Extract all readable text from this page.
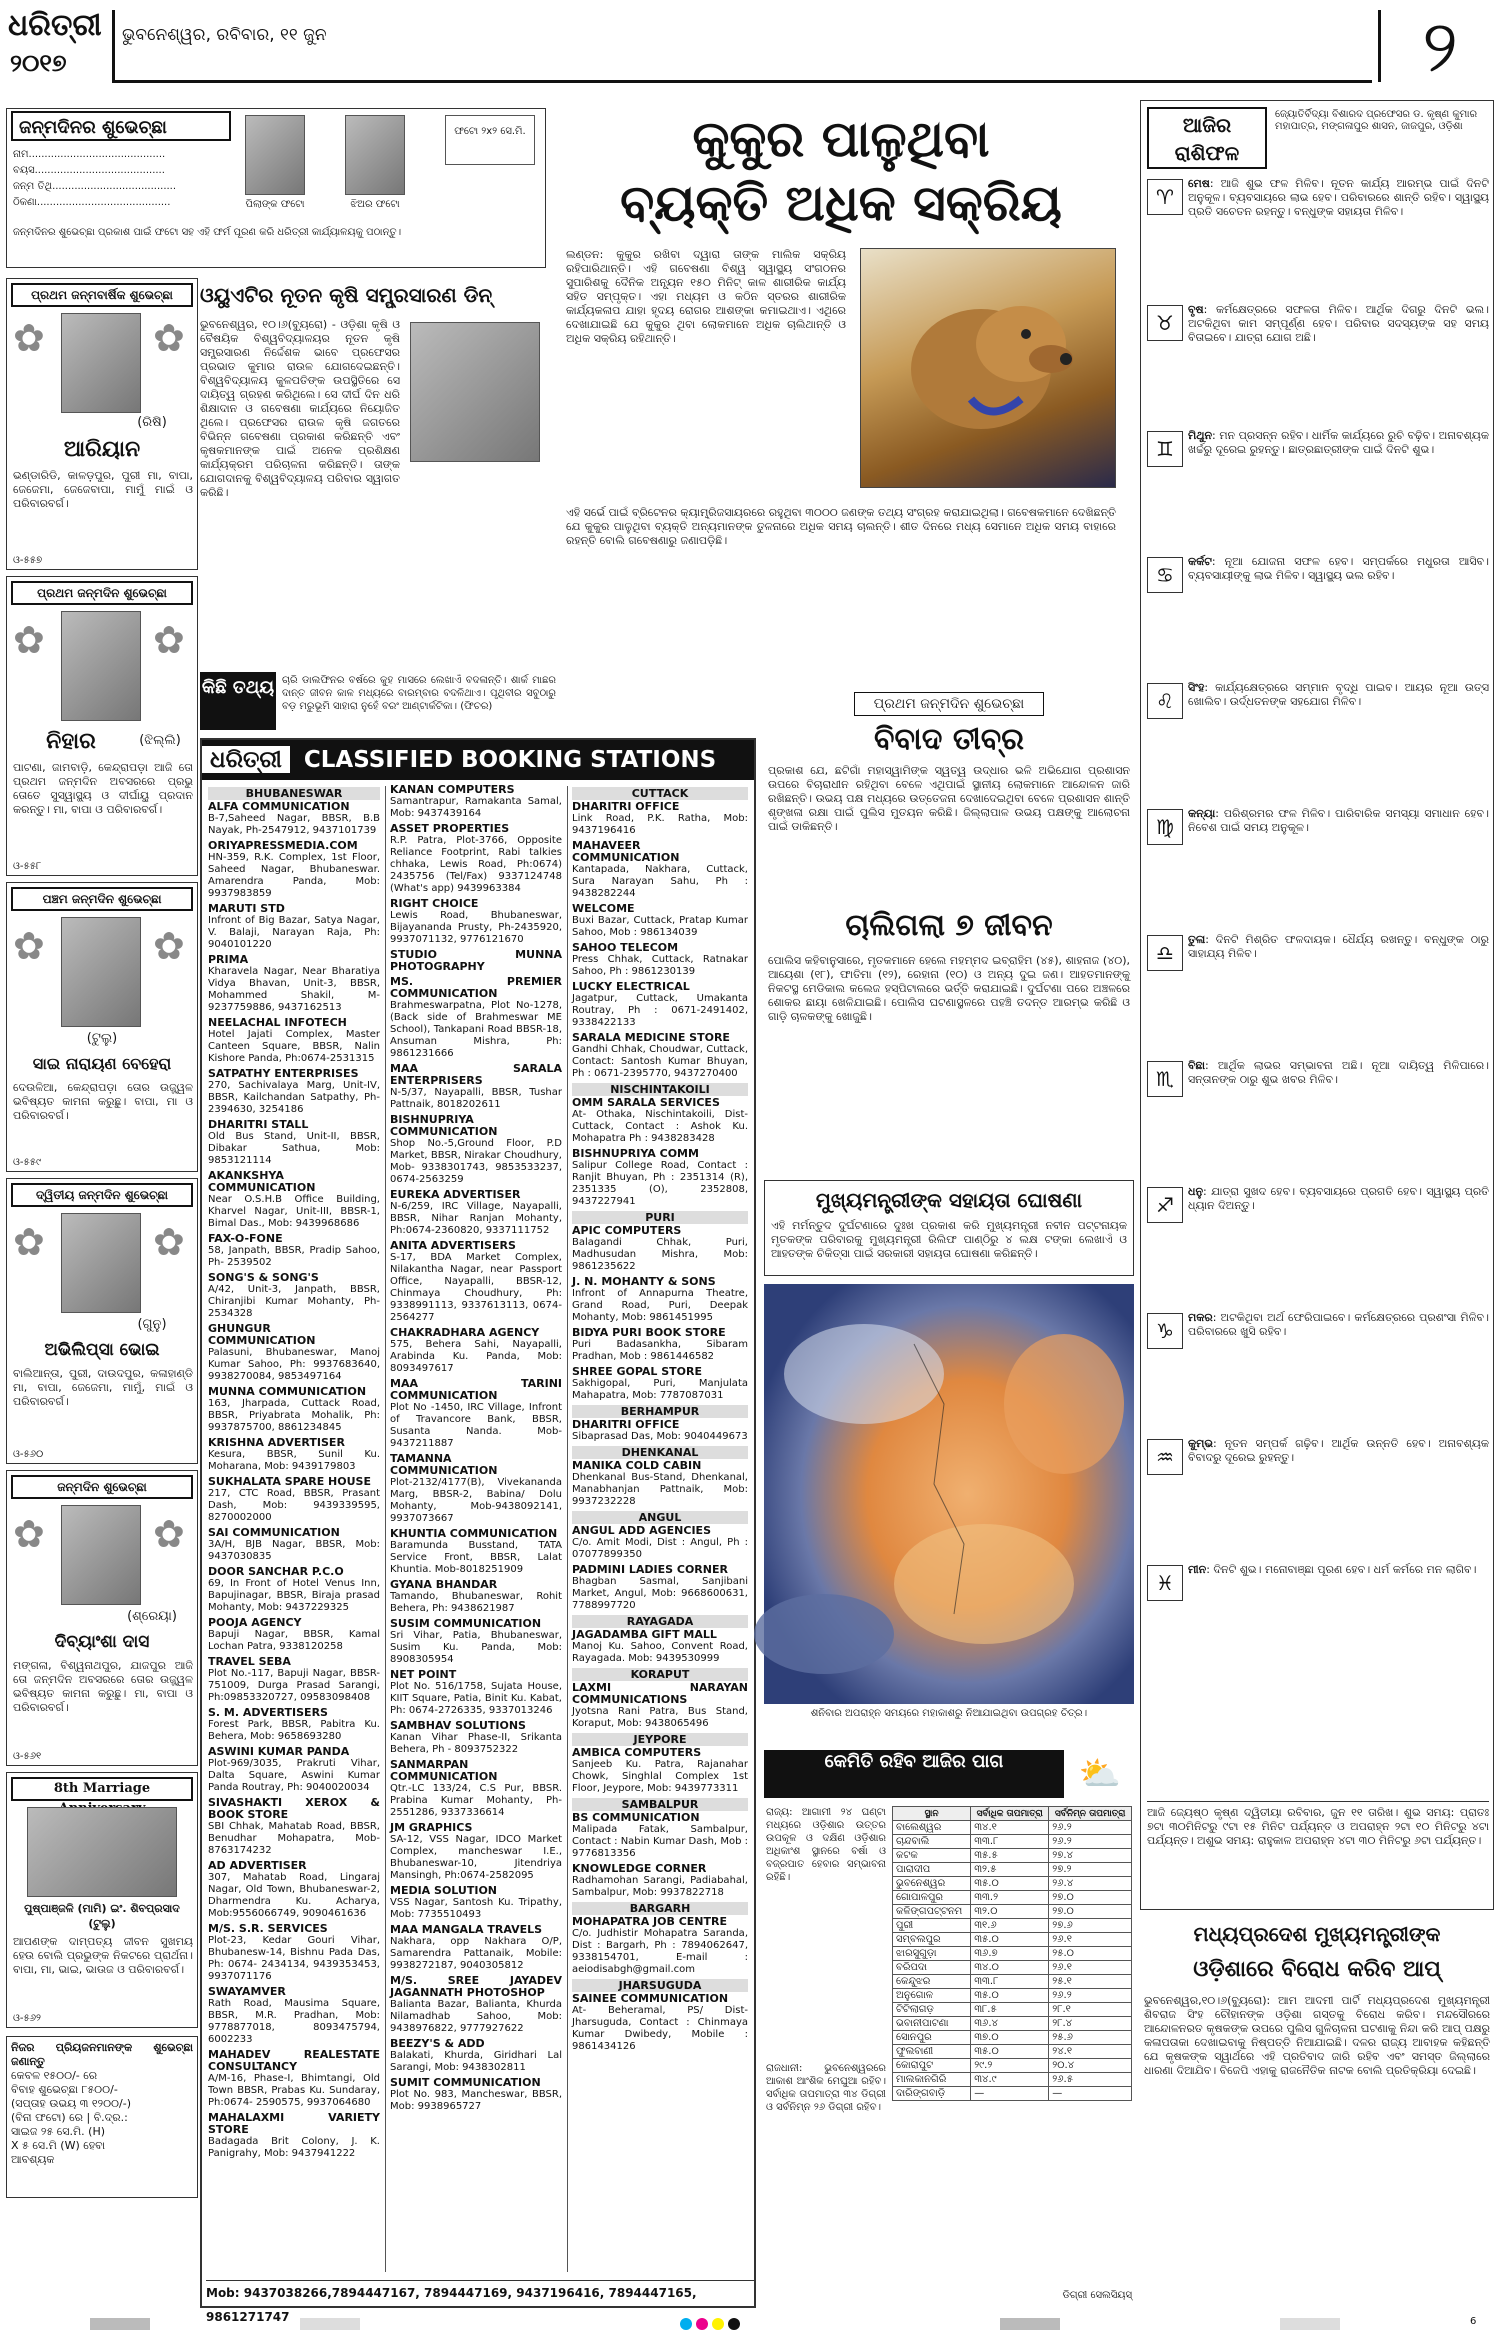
ଧରିତ୍ରୀ
୨୦୧୭
ଭୁବନେଶ୍ୱର, ରବିବାର, ୧୧ ଜୁନ	୨
ଜନ୍ମଦିନର ଶୁଭେଚ୍ଛା
ନାମ...........................................
ବୟସ.........................................
ଜନ୍ମ ତିଥି.......................................
ଠିକଣା..........................................	ପିଲାଙ୍କ ଫଟୋ	ଝିଅର ଫଟୋ
ଫଟୋ ୨x୨ ସେ.ମି.
ଜନ୍ମଦିନର ଶୁଭେଚ୍ଛା ପ୍ରକାଶ ପାଇଁ ଫଟୋ ସହ ଏହି ଫର୍ମ ପୂରଣ କରି ଧରିତ୍ରୀ କାର୍ଯ୍ୟାଳୟକୁ ପଠାନ୍ତୁ।
ପ୍ରଥମ ଜନ୍ମବାର୍ଷିକ ଶୁଭେଚ୍ଛା
✿	✿
(ରିଷି)
ଆରିୟାନ
ଭଣ୍ଡାରିଡି, କାଳଡ଼ପୁର, ପୁରୀ ମା, ବାପା, ଜେଜେମା, ଜେଜେବାପା, ମାମୁଁ ମାଇଁ ଓ ପରିବାରବର୍ଗ।
ଓ-୫୫୭
ପ୍ରଥମ ଜନ୍ମଦିନ ଶୁଭେଚ୍ଛା
✿	✿
ନିହାର	(ଝିଲ୍ଲି)
ପାଟଣା, ଜାମବାଡ଼ି, କେନ୍ଦ୍ରାପଡ଼ା ଆଜି ତୋ ପ୍ରଥମ ଜନ୍ମଦିନ ଅବସରରେ ପ୍ରଭୁ ତୋତେ ସୁସ୍ୱାସ୍ଥ୍ୟ ଓ ଦୀର୍ଘାୟୁ ପ୍ରଦାନ କରନ୍ତୁ। ମା, ବାପା ଓ ପରିବାରବର୍ଗ।
ଓ-୫୫୮
ପଞ୍ଚମ ଜନ୍ମଦିନ ଶୁଭେଚ୍ଛା
✿	✿
(ଟୁଲୁ)
ସାଇ ନାରାୟଣ ବେହେରା
ଦେଉଳିଆ, କେନ୍ଦ୍ରାପଡ଼ା ତୋର ଉଜ୍ଜ୍ୱଳ ଭବିଷ୍ୟତ କାମନା କରୁଛୁ। ବାପା, ମା ଓ ପରିବାରବର୍ଗ।
ଓ-୫୫୯
ଦ୍ୱିତୀୟ ଜନ୍ମଦିନ ଶୁଭେଚ୍ଛା
✿	✿
(ଗୁନୁ)
ଅଭିଲିପ୍ସା ଭୋଇ
ବାଲିଆନ୍ତା, ପୁରୀ, ଦାଉଦପୁର, କଳାହାଣ୍ଡି ମା, ବାପା, ଜେଜେମା, ମାମୁଁ, ମାଇଁ ଓ ପରିବାରବର୍ଗ।
ଓ-୫୬୦
ଜନ୍ମଦିନ ଶୁଭେଚ୍ଛା
✿	✿
(ଶ୍ରେୟା)
ଦିବ୍ୟାଂଶା ଦାସ
ମଙ୍ଗଳା, ବିଶ୍ୱନାଥପୁର, ଯାଜପୁର ଆଜି ତୋ ଜନ୍ମଦିନ ଅବସରରେ ତୋର ଉଜ୍ଜ୍ୱଳ ଭବିଷ୍ୟତ କାମନା କରୁଛୁ। ମା, ବାପା ଓ ପରିବାରବର୍ଗ।
ଓ-୫୬୧
8th Marriage
ପୁଷ୍ପାଞ୍ଜଳି (ମାମି) ଇଂ. ଶିବପ୍ରସାଦ (ଟୁଲୁ)
ଆପଣଙ୍କ ଦାମ୍ପତ୍ୟ ଜୀବନ ସୁଖମୟ ହେଉ ବୋଲି ପ୍ରଭୁଙ୍କ ନିକଟରେ ପ୍ରାର୍ଥନା। ବାପା, ମା, ଭାଇ, ଭାଉଜ ଓ ପରିବାରବର୍ଗ।
ଓ-୫୬୨
ନିଜର ପ୍ରିୟଜନମାନଙ୍କ ଶୁଭେଚ୍ଛା ଜଣାନ୍ତୁ
କେବଳ ୧୫୦୦/- ରେ
ବିବାହ ଶୁଭେଚ୍ଛା ୮୫୦୦/-
(ସପ୍ତାହ ଉଭୟ ୩ ୧୨୦୦/-)
(ବିନା ଫଟୋ) ରେ | ବି.ଦ୍ର.:
ସାଇଜ ୨୫ ସେ.ମି. (H)
X ୫ ସେ.ମି (W) ହେବା
ଆବଶ୍ୟକ
କୁକୁର ପାଳୁଥିବା
ବ୍ୟକ୍ତି ଅଧିକ ସକ୍ରିୟ
ଲଣ୍ଡନ: କୁକୁର ରଖିବା ଦ୍ୱାରା ତାଙ୍କ ମାଲିକ ସକ୍ରିୟ ରହିପାରିଥାନ୍ତି। ଏହି ଗବେଷଣା ବିଶ୍ୱ ସ୍ୱାସ୍ଥ୍ୟ ସଂଗଠନର ସୁପାରିଶକୁ ଦୈନିକ ଅନ୍ୟୂନ ୧୫୦ ମିନିଟ୍ କାଳ ଶାରୀରିକ କାର୍ଯ୍ୟ ସହିତ ସମ୍ପୃକ୍ତ। ଏହା ମଧ୍ୟମ ଓ କଠିନ ସ୍ତରର ଶାରୀରିକ କାର୍ଯ୍ୟକଳାପ ଯାହା ହୃଦୟ ରୋଗର ଆଶଙ୍କା କମାଇଥାଏ। ଏଥିରେ ଦେଖାଯାଇଛି ଯେ କୁକୁର ଥିବା ଲୋକମାନେ ଅଧିକ ଚାଲିଥାନ୍ତି ଓ ଅଧିକ ସକ୍ରିୟ ରହିଥାନ୍ତି।
ଏହି ସର୍ଭେ ପାଇଁ ବ୍ରିଟେନର କ୍ୟାମ୍ବ୍ରିଜସାୟରରେ ରହୁଥିବା ୩୦୦୦ ଜଣଙ୍କ ତଥ୍ୟ ସଂଗ୍ରହ କରାଯାଇଥିଲା। ଗବେଷକମାନେ ଦେଖିଛନ୍ତି ଯେ କୁକୁର ପାଳୁଥିବା ବ୍ୟକ୍ତି ଅନ୍ୟମାନଙ୍କ ତୁଳନାରେ ଅଧିକ ସମୟ ଚାଲନ୍ତି। ଶୀତ ଦିନରେ ମଧ୍ୟ ସେମାନେ ଅଧିକ ସମୟ ବାହାରେ ରହନ୍ତି ବୋଲି ଗବେଷଣାରୁ ଜଣାପଡ଼ିଛି।
ଓୟୁଏଟିର ନୂତନ କୃଷି ସମ୍ପ୍ରସାରଣ ଡିନ୍
ଭୁବନେଶ୍ୱର, ୧୦।୬(ବ୍ୟୁରୋ) - ଓଡ଼ିଶା କୃଷି ଓ ବୈଷୟିକ ବିଶ୍ୱବିଦ୍ୟାଳୟର ନୂତନ କୃଷି ସମ୍ପ୍ରସାରଣ ନିର୍ଦ୍ଦେଶକ ଭାବେ ପ୍ରଫେସର ପ୍ରଭାତ କୁମାର ରାଉଳ ଯୋଗଦେଇଛନ୍ତି। ବିଶ୍ୱବିଦ୍ୟାଳୟ କୁଳପତିଙ୍କ ଉପସ୍ଥିତିରେ ସେ ଦାୟିତ୍ୱ ଗ୍ରହଣ କରିଥିଲେ। ସେ ଦୀର୍ଘ ଦିନ ଧରି ଶିକ୍ଷାଦାନ ଓ ଗବେଷଣା କାର୍ଯ୍ୟରେ ନିୟୋଜିତ ଥିଲେ। ପ୍ରଫେସର ରାଉଳ କୃଷି ଜଗତରେ ବିଭିନ୍ନ ଗବେଷଣା ପ୍ରକାଶ କରିଛନ୍ତି ଏବଂ କୃଷକମାନଙ୍କ ପାଇଁ ଅନେକ ପ୍ରଶିକ୍ଷଣ କାର୍ଯ୍ୟକ୍ରମ ପରିଚାଳନା କରିଛନ୍ତି। ତାଙ୍କ ଯୋଗଦାନକୁ ବିଶ୍ୱବିଦ୍ୟାଳୟ ପରିବାର ସ୍ୱାଗତ କରିଛି।
କିଛି ତଥ୍ୟ ଚାରି ଡାଲଫିନର ବର୍ଷରେ କୁହ ମାସରେ ଲେଖାଏଁ ବଦଳାନ୍ତି। ଶାର୍କ ମାଛର ଦାନ୍ତ ଜୀବନ କାଳ ମଧ୍ୟରେ ବାରମ୍ବାର ବଦଳିଥାଏ। ପୃଥିବୀର ସବୁଠାରୁ ବଡ଼ ମରୁଭୂମି ସାହାରା ନୁହେଁ ବରଂ ଆଣ୍ଟାର୍କଟିକା। (ଫିଚର)
ଧରିତ୍ରୀ CLASSIFIED BOOKING STATIONS
BHUBANESWAR
ALFA COMMUNICATION
B-7,Saheed Nagar, BBSR, B.B Nayak, Ph-2547912, 9437101739
ORIYAPRESSMEDIA.COM
HN-359, R.K. Complex, 1st Floor, Saheed Nagar, Bhubaneswar. Amarendra Panda, Mob: 9937983859
MARUTI STD
Infront of Big Bazar, Satya Nagar, V. Balaji, Narayan Raja, Ph: 9040101220
PRIMA
Kharavela Nagar, Near Bharatiya Vidya Bhavan, Unit-3, BBSR, Mohammed Shakil, M-9237759886, 9437162513
NEELACHAL INFOTECH
Hotel Jajati Complex, Master Canteen Square, BBSR, Nalin Kishore Panda, Ph:0674-2531315
SATPATHY ENTERPRISES
270, Sachivalaya Marg, Unit-IV, BBSR, Kailchandan Satpathy, Ph-2394630, 3254186
DHARITRI STALL
Old Bus Stand, Unit-II, BBSR, Dibakar Sathua, Mob: 9853121114
AKANKSHYA COMMUNICATION
Near O.S.H.B Office Building, Kharvel Nagar, Unit-III, BBSR-1, Bimal Das., Mob: 9439968686
FAX-O-FONE
58, Janpath, BBSR, Pradip Sahoo, Ph- 2539502
SONG'S & SONG'S
A/42, Unit-3, Janpath, BBSR, Chiranjibi Kumar Mohanty, Ph- 2534328
GHUNGUR COMMUNICATION
Palasuni, Bhubaneswar, Manoj Kumar Sahoo, Ph: 9937683640, 9938270084, 9853497164
MUNNA COMMUNICATION
163, Jharpada, Cuttack Road, BBSR, Priyabrata Mohalik, Ph: 9937875700, 8861234845
KRISHNA ADVERTISER
Kesura, BBSR, Sunil Ku. Moharana, Mob: 9439179803
SUKHALATA SPARE HOUSE
217, CTC Road, BBSR, Prasant Dash, Mob: 9439339595, 8270002000
SAI COMMUNICATION
3A/H, BJB Nagar, BBSR, Mob: 9437030835
DOOR SANCHAR P.C.O
69, In Front of Hotel Venus Inn, Bapujinagar, BBSR, Biraja prasad Mohanty, Mob: 9437229325
POOJA AGENCY
Bapuji Nagar, BBSR, Kamal Lochan Patra, 9338120258
TRAVEL SEBA
Plot No.-117, Bapuji Nagar, BBSR-751009, Durga Prasad Sarangi, Ph:09853320727, 09583098408
S. M. ADVERTISERS
Forest Park, BBSR, Pabitra Ku. Behera, Mob: 9658693280
ASWINI KUMAR PANDA
Plot-969/3035, Prakruti Vihar, Dalta Square, Aswini Kumar Panda Routray, Ph: 9040020034
SIVASHAKTI XEROX & BOOK STORE
SBI Chhak, Mahatab Road, BBSR, Benudhar Mohapatra, Mob- 8763174232
AD ADVERTISER
307, Mahatab Road, Lingaraj Nagar, Old Town, Bhubaneswar-2, Dharmendra Ku. Acharya, Mob:9556066749, 9090461636
M/S. S.R. SERVICES
Plot-23, Kedar Gouri Vihar, Bhubanesw-14, Bishnu Pada Das, Ph: 0674- 2434134, 9439353453, 9937071176
SWAYAMVER
Rath Road, Mausima Square, BBSR, M.R. Pradhan, Mob: 9778877018, 8093475794, 6002233
MAHADEV REALESTATE CONSULTANCY
A/M-16, Phase-I, Bhimtangi, Old Town BBSR, Prabas Ku. Sundaray, Ph:0674- 2590575, 9937064680
MAHALAXMI VARIETY STORE
Badagada Brit Colony, J. K. Panigrahy, Mob: 9437941222
KANAN COMPUTERS
Samantrapur, Ramakanta Samal, Mob: 9437439164
ASSET PROPERTIES
R.P. Patra, Plot-3766, Opposite Reliance Footprint, Rabi talkies chhaka, Lewis Road, Ph:0674) 2435756 (Tel/Fax) 9337124748 (What's app) 9439963384
RIGHT CHOICE
Lewis Road, Bhubaneswar, Bijayananda Prusty, Ph-2435920, 9937071132, 9776121670
STUDIO MUNNA PHOTOGRAPHY
MS. PREMIER COMMUNICATION
Brahmeswarpatna, Plot No-1278, (Back side of Brahmeswar ME School), Tankapani Road BBSR-18, Ansuman Mishra, Ph: 9861231666
MAA SARALA ENTERPRISERS
N-5/37, Nayapalli, BBSR, Tushar Pattnaik, 8018202611
BISHNUPRIYA COMMUNICATION
Shop No.-5,Ground Floor, P.D Market, BBSR, Nirakar Choudhury, Mob- 9338301743, 9853533237, 0674-2563259
EUREKA ADVERTISER
N-6/259, IRC Village, Nayapalli, BBSR, Nihar Ranjan Mohanty, Ph:0674-2360820, 9337111752
ANITA ADVERTISERS
S-17, BDA Market Complex, Nilakantha Nagar, near Passport Office, Nayapalli, BBSR-12, Chinmaya Choudhury, Ph: 9338991113, 9337613113, 0674-2564277
CHAKRADHARA AGENCY
575, Behera Sahi, Nayapalli, Arabinda Ku. Panda, Mob: 8093497617
MAA TARINI COMMUNICATION
Plot No -1450, IRC Village, Infront of Travancore Bank, BBSR, Susanta Nanda. Mob- 9437211887
TAMANNA COMMUNICATION
Plot-2132/4177(B), Vivekananda Marg, BBSR-2, Babina/ Dolu Mohanty, Mob-9438092141, 9937073667
KHUNTIA COMMUNICATION
Baramunda Busstand, TATA Service Front, BBSR, Lalat Khuntia. Mob-8018251909
GYANA BHANDAR
Tamando, Bhubaneswar, Rohit Behera, Ph: 9438621987
SUSIM COMMUNICATION
Sri Vihar, Patia, Bhubaneswar, Susim Ku. Panda, Mob: 8908305954
NET POINT
Plot No. 516/1758, Sujata House, KIIT Square, Patia, Binit Ku. Kabat, Ph: 0674-2726335, 9337013246
SAMBHAV SOLUTIONS
Kanan Vihar Phase-II, Srikanta Behera, Ph - 8093752322
SANMARPAN COMMUNICATION
Qtr.-LC 133/24, C.S Pur, BBSR. Prabina Kumar Mohanty, Ph-2551286, 9337336614
JM GRAPHICS
SA-12, VSS Nagar, IDCO Market Complex, mancheswar I.E., Bhubaneswar-10, Jitendriya Mansingh, Ph:0674-2582095
MEDIA SOLUTION
VSS Nagar, Santosh Ku. Tripathy, Mob: 7735510493
MAA MANGALA TRAVELS
Nakhara, opp Nakhara O/P, Samarendra Pattanaik, Mobile: 9938272187, 9040305812
M/S. SREE JAYADEV JAGANNATH PHOTOSHOP
Balianta Bazar, Balianta, Khurda Nilamadhab Sahoo, Mob: 9438976822, 9777927622
BEEZY'S & ADD
Balakati, Khurda, Giridhari Lal Sarangi, Mob: 9438302811
SUMIT COMMUNICATION
Plot No. 983, Mancheswar, BBSR, Mob: 9938965727
CUTTACK
DHARITRI OFFICE
Link Road, P.K. Ratha, Mob: 9437196416
MAHAVEER COMMUNICATION
Kantapada, Nakhara, Cuttack, Sura Narayan Sahu, Ph : 9438282244
WELCOME
Buxi Bazar, Cuttack, Pratap Kumar Sahoo, Mob : 986134039
SAHOO TELECOM
Press Chhak, Cuttack, Ratnakar Sahoo, Ph : 9861230139
LUCKY ELECTRICAL
Jagatpur, Cuttack, Umakanta Routray, Ph : 0671-2491402, 9338422133
SARALA MEDICINE STORE
Gandhi Chhak, Choudwar, Cuttack, Contact: Santosh Kumar Bhuyan, Ph : 0671-2395770, 9437270400
NISCHINTAKOILI
OMM SARALA SERVICES
At- Othaka, Nischintakoili, Dist- Cuttack, Contact : Ashok Ku. Mohapatra Ph : 9438283428
BISHNUPRIYA COMM
Salipur College Road, Contact : Ranjit Bhuyan, Ph : 2351314 (R), 2351335 (O), 2352808, 9437227941
PURI
APIC COMPUTERS
Balagandi Chhak, Puri, Madhusudan Mishra, Mob: 9861235622
J. N. MOHANTY & SONS
Infront of Annapurna Theatre, Grand Road, Puri, Deepak Mohanty, Mob: 9861451995
BIDYA PURI BOOK STORE
Puri Badasankha, Sibaram Pradhan, Mob : 9861446582
SHREE GOPAL STORE
Sakhigopal, Puri, Manjulata Mahapatra, Mob: 7787087031
BERHAMPUR
DHARITRI OFFICE
Sibaprasad Das, Mob: 9040449673
DHENKANAL
MANIKA COLD CABIN
Dhenkanal Bus-Stand, Dhenkanal, Manabhanjan Pattnaik, Mob: 9937232228
ANGUL
ANGUL ADD AGENCIES
C/o. Amit Modi, Dist : Angul, Ph : 07077899350
PADMINI LADIES CORNER
Bhagban Sasmal, Sanjibani Market, Angul, Mob: 9668600631, 7788997720
RAYAGADA
JAGADAMBA GIFT MALL
Manoj Ku. Sahoo, Convent Road, Rayagada. Mob: 9439530999
KORAPUT
LAXMI NARAYAN COMMUNICATIONS
Jyotsna Rani Patra, Bus Stand, Koraput, Mob: 9438065496
JEYPORE
AMBICA COMPUTERS
Sanjeeb Ku. Patra, Rajanahar Chowk, Singhlal Complex 1st Floor, Jeypore, Mob: 9439773311
SAMBALPUR
BS COMMUNICATION
Malipada Fatak, Sambalpur, Contact : Nabin Kumar Dash, Mob : 9776813356
KNOWLEDGE CORNER
Radhamohan Sarangi, Padiabahal, Sambalpur, Mob: 9937822718
BARGARH
MOHAPATRA JOB CENTRE
C/o. Judhistir Mohapatra Saranda, Dist : Bargarh, Ph : 7894062647, 9338154701, E-mail : aeiodisabgh@gmail.com
JHARSUGUDA
SAINEE COMMUNICATION
At- Beheramal, PS/ Dist- Jharsuguda, Contact : Chinmaya Kumar Dwibedy, Mobile : 9861434126
Mob: 9437038266,7894447167, 7894447169, 9437196416, 7894447165, 9861271747
ପ୍ରଥମ ଜନ୍ମଦିନ ଶୁଭେଚ୍ଛା
ବିବାଦ ତୀବ୍ର
ପ୍ରକାଶ ଯେ, ଛଟିଗାଁ ମହାସ୍ୱାମିଙ୍କ ସ୍ୱତ୍ୱ ଉଦ୍ଧାର ଭଳି ଅଭିଯୋଗ ପ୍ରଶାସନ ଉପରେ ବିଚାରାଧୀନ ରହିଥିବା ବେଳେ ଏଥିପାଇଁ ସ୍ଥାନୀୟ ଲୋକମାନେ ଆନ୍ଦୋଳନ ଜାରି ରଖିଛନ୍ତି। ଉଭୟ ପକ୍ଷ ମଧ୍ୟରେ ଉତ୍ତେଜନା ଦେଖାଦେଇଥିବା ବେଳେ ପ୍ରଶାସନ ଶାନ୍ତି ଶୃଙ୍ଖଳା ରକ୍ଷା ପାଇଁ ପୁଲିସ ମୁତୟନ କରିଛି। ଜିଲ୍ଲାପାଳ ଉଭୟ ପକ୍ଷଙ୍କୁ ଆଲୋଚନା ପାଇଁ ଡାକିଛନ୍ତି।
ଚାଲିଗଲା ୭ ଜୀବନ
ପୋଲିସ କହିବାନୁସାରେ, ମୃତକମାନେ ହେଲେ ମହମ୍ମଦ ଇବ୍ରାହିମ (୪୫), ଶାହନାଜ (୪୦), ଆୟେଶା (୧୮), ଫାତିମା (୧୨), ରେହାନା (୧୦) ଓ ଅନ୍ୟ ଦୁଇ ଜଣ। ଆହତମାନଙ୍କୁ ନିକଟସ୍ଥ ମେଡିକାଲ କଲେଜ ହସ୍ପିଟାଲରେ ଭର୍ତ୍ତି କରାଯାଇଛି। ଦୁର୍ଘଟଣା ପରେ ଅଞ୍ଚଳରେ ଶୋକର ଛାୟା ଖେଳିଯାଇଛି। ପୋଲିସ ଘଟଣାସ୍ଥଳରେ ପହଞ୍ଚି ତଦନ୍ତ ଆରମ୍ଭ କରିଛି ଓ ଗାଡ଼ି ଚାଳକଙ୍କୁ ଖୋଜୁଛି।
ମୁଖ୍ୟମନ୍ତ୍ରୀଙ୍କ ସହାୟତା ଘୋଷଣା
ଏହି ମର୍ମନ୍ତୁଦ ଦୁର୍ଘଟଣାରେ ଦୁଃଖ ପ୍ରକାଶ କରି ମୁଖ୍ୟମନ୍ତ୍ରୀ ନବୀନ ପଟ୍ଟନାୟକ ମୃତକଙ୍କ ପରିବାରକୁ ମୁଖ୍ୟମନ୍ତ୍ରୀ ରିଲିଫ ପାଣ୍ଠିରୁ ୪ ଲକ୍ଷ ଟଙ୍କା ଲେଖାଏଁ ଓ ଆହତଙ୍କ ଚିକିତ୍ସା ପାଇଁ ସରକାରୀ ସହାୟତା ଘୋଷଣା କରିଛନ୍ତି।
ଶନିବାର ଅପରାହ୍ନ ସମୟରେ ମହାକାଶରୁ ନିଆଯାଇଥିବା ଉପଗ୍ରହ ଚିତ୍ର।
କେମିତି ରହିବ ଆଜିର ପାଗ	⛅
ରାଜ୍ୟ: ଆଗାମୀ ୨୪ ଘଣ୍ଟା ମଧ୍ୟରେ ଓଡ଼ିଶାର ଉତ୍ତର ଉପକୂଳ ଓ ଦକ୍ଷିଣ ଓଡ଼ିଶାର ଅଧିକାଂଶ ସ୍ଥାନରେ ବର୍ଷା ଓ ବଜ୍ରପାତ ହେବାର ସମ୍ଭାବନା ରହିଛି।
ରାଜଧାନୀ: ଭୁବନେଶ୍ୱରରେ ଆକାଶ ଆଂଶିକ ମେଘୁଆ ରହିବ। ସର୍ବାଧିକ ତାପମାତ୍ରା ୩୪ ଡିଗ୍ରୀ ଓ ସର୍ବନିମ୍ନ ୨୬ ଡିଗ୍ରୀ ରହିବ।
ସ୍ଥାନ	ସର୍ବାଧିକ ତାପମାତ୍ରା	ସର୍ବନିମ୍ନ ତାପମାତ୍ରା
ବାଲେଶ୍ୱର	୩୪.୧	୨୬.୨
ଚାନ୍ଦବାଲି	୩୩.୮	୨୬.୨
କଟକ	୩୫.୫	୨୭.୪
ପାରାଦୀପ	୩୨.୫	୨୭.୨
ଭୁବନେଶ୍ୱର	୩୫.୦	୨୬.୪
ଗୋପାଳପୁର	୩୩.୨	୨୭.୦
କଳିଙ୍ଗପଟ୍ଟନମ	୩୨.୦	୨୭.୦
ପୁରୀ	୩୧.୬	୨୭.୬
ସମ୍ବଲପୁର	୩୫.୦	୨୬.୧
ଝାରସୁଗୁଡ଼ା	୩୬.୭	୨୫.୦
ବରିପଦା	୩୪.୦	୨୬.୧
କେନ୍ଦୁଝର	୩୩.୮	୨୫.୧
ଅନୁଗୋଳ	୩୫.୦	୨୬.୨
ଟିଟିଲାଗଡ଼	୩୮.୫	୨୮.୧
ଭବାନୀପାଟଣା	୩୬.୪	୨୮.୪
ସୋନପୁର	୩୭.୦	୨୫.୬
ଫୁଲବାଣୀ	୩୫.୦	୨୪.୧
କୋରାପୁଟ	୨୯.୨	୨୦.୪
ମାଲକାନଗିରି	୩୪.୯	୨୬.୫
ଦାରିଙ୍ଗବାଡ଼ି	—	—
ଡିଗ୍ରୀ ସେଲସିୟସ୍
ଆଜିର ରାଶିଫଳ
ଜ୍ୟୋତିର୍ବିଦ୍ୟା ବିଶାରଦ ପ୍ରଫେସର ଡ. କୃଷ୍ଣ କୁମାର ମହାପାତ୍ର, ମଙ୍ଗଳାପୁର ଶାସନ, ଜାଜପୁର, ଓଡ଼ିଶା
♈
ମେଷ: ଆଜି ଶୁଭ ଫଳ ମିଳିବ। ନୂତନ କାର୍ଯ୍ୟ ଆରମ୍ଭ ପାଇଁ ଦିନଟି ଅନୁକୂଳ। ବ୍ୟବସାୟରେ ଲାଭ ହେବ। ପରିବାରରେ ଶାନ୍ତି ରହିବ। ସ୍ୱାସ୍ଥ୍ୟ ପ୍ରତି ସଚେତନ ରହନ୍ତୁ। ବନ୍ଧୁଙ୍କ ସହାୟତା ମିଳିବ।
♉
ବୃଷ: କର୍ମକ୍ଷେତ୍ରରେ ସଫଳତା ମିଳିବ। ଆର୍ଥିକ ଦିଗରୁ ଦିନଟି ଭଲ। ଅଟକିଥିବା କାମ ସମ୍ପୂର୍ଣ୍ଣ ହେବ। ପରିବାର ସଦସ୍ୟଙ୍କ ସହ ସମୟ ବିତାଇବେ। ଯାତ୍ରା ଯୋଗ ଅଛି।
♊
ମିଥୁନ: ମନ ପ୍ରସନ୍ନ ରହିବ। ଧାର୍ମିକ କାର୍ଯ୍ୟରେ ରୁଚି ବଢ଼ିବ। ଅନାବଶ୍ୟକ ଖର୍ଚ୍ଚରୁ ଦୂରେଇ ରୁହନ୍ତୁ। ଛାତ୍ରଛାତ୍ରୀଙ୍କ ପାଇଁ ଦିନଟି ଶୁଭ।
♋
କର୍କଟ: ନୂଆ ଯୋଜନା ସଫଳ ହେବ। ସମ୍ପର୍କରେ ମଧୁରତା ଆସିବ। ବ୍ୟବସାୟୀଙ୍କୁ ଲାଭ ମିଳିବ। ସ୍ୱାସ୍ଥ୍ୟ ଭଲ ରହିବ।
♌
ସିଂହ: କାର୍ଯ୍ୟକ୍ଷେତ୍ରରେ ସମ୍ମାନ ବୃଦ୍ଧି ପାଇବ। ଆୟର ନୂଆ ଉତ୍ସ ଖୋଲିବ। ଉର୍ଦ୍ଧତନଙ୍କ ସହଯୋଗ ମିଳିବ।
♍
କନ୍ୟା: ପରିଶ୍ରମର ଫଳ ମିଳିବ। ପାରିବାରିକ ସମସ୍ୟା ସମାଧାନ ହେବ। ନିବେଶ ପାଇଁ ସମୟ ଅନୁକୂଳ।
♎
ତୁଳା: ଦିନଟି ମିଶ୍ରିତ ଫଳଦାୟକ। ଧୈର୍ଯ୍ୟ ରଖନ୍ତୁ। ବନ୍ଧୁଙ୍କ ଠାରୁ ସାହାଯ୍ୟ ମିଳିବ।
♏
ବିଛା: ଆର୍ଥିକ ଲାଭର ସମ୍ଭାବନା ଅଛି। ନୂଆ ଦାୟିତ୍ୱ ମିଳିପାରେ। ସନ୍ତାନଙ୍କ ଠାରୁ ଶୁଭ ଖବର ମିଳିବ।
♐
ଧନୁ: ଯାତ୍ରା ସୁଖଦ ହେବ। ବ୍ୟବସାୟରେ ପ୍ରଗତି ହେବ। ସ୍ୱାସ୍ଥ୍ୟ ପ୍ରତି ଧ୍ୟାନ ଦିଅନ୍ତୁ।
♑
ମକର: ଅଟକିଥିବା ଅର୍ଥ ଫେରିପାଇବେ। କର୍ମକ୍ଷେତ୍ରରେ ପ୍ରଶଂସା ମିଳିବ। ପରିବାରରେ ଖୁସି ରହିବ।
♒
କୁମ୍ଭ: ନୂତନ ସମ୍ପର୍କ ଗଢ଼ିବ। ଆର୍ଥିକ ଉନ୍ନତି ହେବ। ଅନାବଶ୍ୟକ ବିବାଦରୁ ଦୂରେଇ ରୁହନ୍ତୁ।
♓
ମୀନ: ଦିନଟି ଶୁଭ। ମନୋବାଞ୍ଛା ପୂରଣ ହେବ। ଧର୍ମ କର୍ମରେ ମନ ଲାଗିବ।
ଆଜି ଜ୍ୟେଷ୍ଠ କୃଷ୍ଣ ଦ୍ୱିତୀୟା ରବିବାର, ଜୁନ ୧୧ ତାରିଖ। ଶୁଭ ସମୟ: ପ୍ରାତଃ ୭ଟା ୩୦ମିନିଟରୁ ୯ଟା ୧୫ ମିନିଟ ପର୍ଯ୍ୟନ୍ତ ଓ ଅପରାହ୍ନ ୨ଟା ୧୦ ମିନିଟରୁ ୪ଟା ପର୍ଯ୍ୟନ୍ତ। ଅଶୁଭ ସମୟ: ରାହୁକାଳ ଅପରାହ୍ନ ୪ଟା ୩୦ ମିନିଟରୁ ୬ଟା ପର୍ଯ୍ୟନ୍ତ।
ମଧ୍ୟପ୍ରଦେଶ ମୁଖ୍ୟମନ୍ତ୍ରୀଙ୍କ
ଓଡ଼ିଶାରେ ବିରୋଧ କରିବ ଆପ୍
ଭୁବନେଶ୍ୱର,୧୦।୬(ବ୍ୟୁରୋ): ଆମ ଆଦମୀ ପାର୍ଟି ମଧ୍ୟପ୍ରଦେଶ ମୁଖ୍ୟମନ୍ତ୍ରୀ ଶିବରାଜ ସିଂହ ଚୌହାନଙ୍କ ଓଡ଼ିଶା ଗସ୍ତକୁ ବିରୋଧ କରିବ। ମନ୍ଦସୌରରେ ଆନ୍ଦୋଳନରତ କୃଷକଙ୍କ ଉପରେ ପୁଲିସ ଗୁଳିଚାଳନା ଘଟଣାକୁ ନିନ୍ଦା କରି ଆପ୍ ପକ୍ଷରୁ କଳାପତାକା ଦେଖାଇବାକୁ ନିଷ୍ପତ୍ତି ନିଆଯାଇଛି। ଦଳର ରାଜ୍ୟ ଆବାହକ କହିଛନ୍ତି ଯେ କୃଷକଙ୍କ ସ୍ୱାର୍ଥରେ ଏହି ପ୍ରତିବାଦ ଜାରି ରହିବ ଏବଂ ସମସ୍ତ ଜିଲ୍ଲାରେ ଧାରଣା ଦିଆଯିବ। ବିଜେପି ଏହାକୁ ରାଜନୈତିକ ନାଟକ ବୋଲି ପ୍ରତିକ୍ରିୟା ଦେଇଛି।
6
